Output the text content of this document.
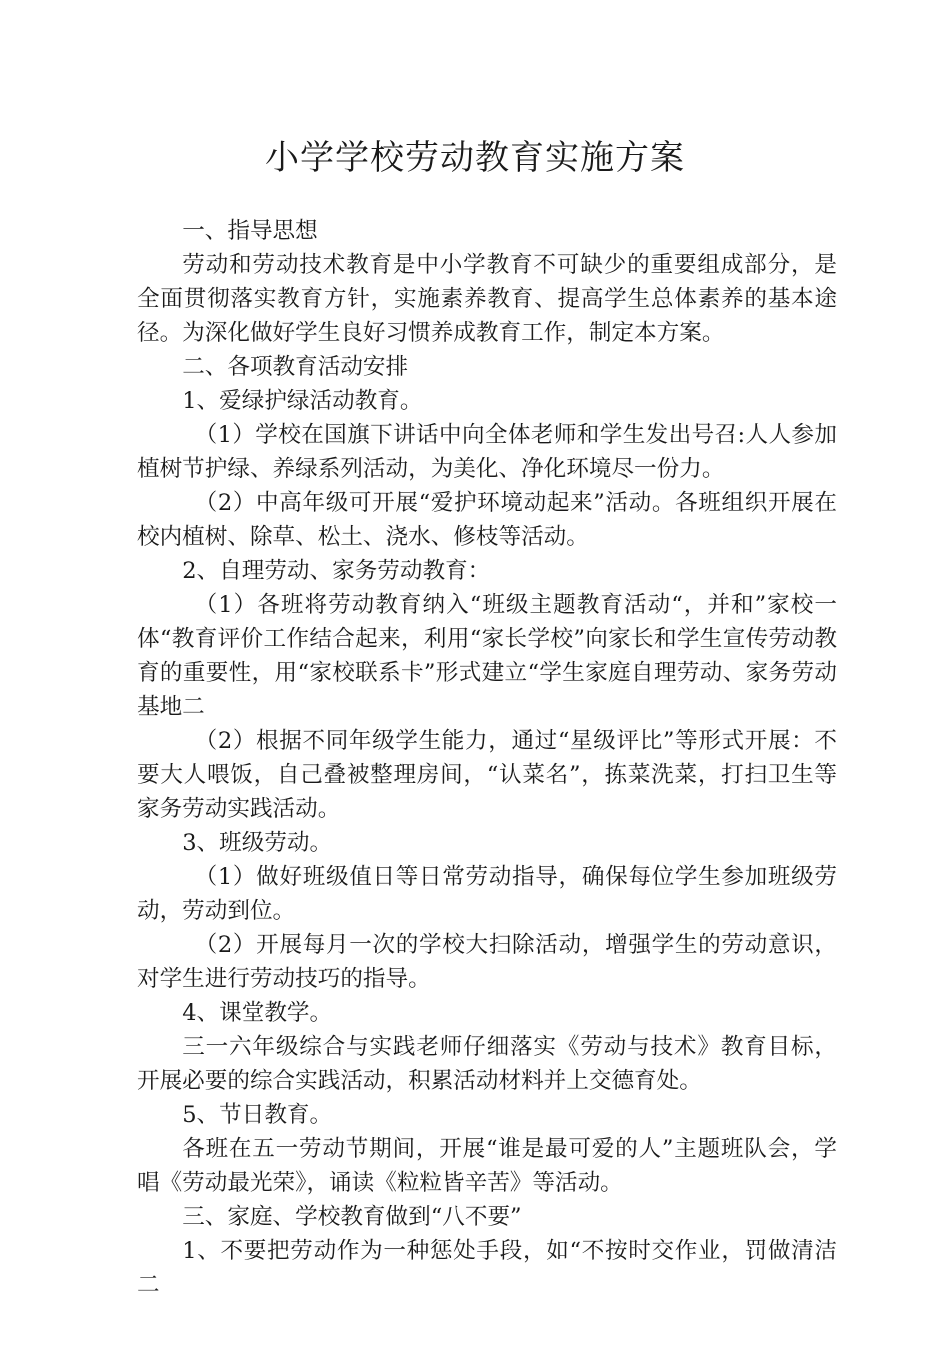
小学学校劳动教育实施方案

一、指导思想

劳动和劳动技术教育是中小学教育不可缺少的重要组成部分，是全面贯彻落实教育方针，实施素养教育、提高学生总体素养的基本途径。为深化做好学生良好习惯养成教育工作，制定本方案。

二、各项教育活动安排

1、爱绿护绿活动教育。

（1）学校在国旗下讲话中向全体老师和学生发出号召:人人参加植树节护绿、养绿系列活动，为美化、净化环境尽一份力。

（2）中高年级可开展“爱护环境动起来”活动。各班组织开展在校内植树、除草、松土、浇水、修枝等活动。

2、自理劳动、家务劳动教育：

（1）各班将劳动教育纳入“班级主题教育活动“，并和”家校一体“教育评价工作结合起来，利用“家长学校”向家长和学生宣传劳动教育的重要性，用“家校联系卡”形式建立“学生家庭自理劳动、家务劳动基地二

（2）根据不同年级学生能力，通过“星级评比”等形式开展：不要大人喂饭，自己叠被整理房间，“认菜名”，拣菜洗菜，打扫卫生等家务劳动实践活动。

3、班级劳动。

（1）做好班级值日等日常劳动指导，确保每位学生参加班级劳动，劳动到位。

（2）开展每月一次的学校大扫除活动，增强学生的劳动意识，对学生进行劳动技巧的指导。

4、课堂教学。

三一六年级综合与实践老师仔细落实《劳动与技术》教育目标，开展必要的综合实践活动，积累活动材料并上交德育处。

5、节日教育。

各班在五一劳动节期间，开展“谁是最可爱的人”主题班队会，学唱《劳动最光荣》，诵读《粒粒皆辛苦》等活动。

三、家庭、学校教育做到“八不要”

1、不要把劳动作为一种惩处手段，如“不按时交作业，罚做清洁二
